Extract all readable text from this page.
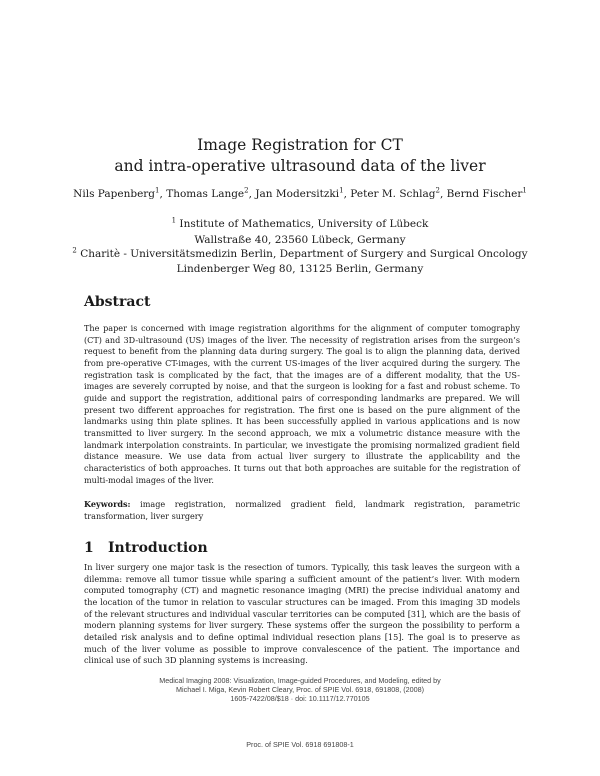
Image Registration for CT
and intra-operative ultrasound data of the liver
Nils Papenberg$^1$, Thomas Lange$^2$, Jan Modersitzki$^1$, Peter M. Schlag$^2$, Bernd Fischer$^1$
$^1$ Institute of Mathematics, University of Lübeck
Wallstraße 40, 23560 Lübeck, Germany
$^2$ Charitè - Universitätsmedizin Berlin, Department of Surgery and Surgical Oncology
Lindenberger Weg 80, 13125 Berlin, Germany
Abstract
The paper is concerned with image registration algorithms for the alignment of computer tomography (CT) and 3D-ultrasound (US) images of the liver. The necessity of registration arises from the surgeon’s request to benefit from the planning data during surgery. The goal is to align the planning data, derived from pre-operative CT-images, with the current US-images of the liver acquired during the surgery. The registration task is complicated by the fact, that the images are of a different modality, that the US-images are severely corrupted by noise, and that the surgeon is looking for a fast and robust scheme. To guide and support the registration, additional pairs of corresponding landmarks are prepared. We will present two different approaches for registration. The first one is based on the pure alignment of the landmarks using thin plate splines. It has been successfully applied in various applications and is now transmitted to liver surgery. In the second approach, we mix a volumetric distance measure with the landmark interpolation constraints. In particular, we investigate the promising normalized gradient field distance measure. We use data from actual liver surgery to illustrate the applicability and the characteristics of both approaches. It turns out that both approaches are suitable for the registration of multi-modal images of the liver.
Keywords: image registration, normalized gradient field, landmark registration, parametric transformation, liver surgery
1 Introduction
In liver surgery one major task is the resection of tumors. Typically, this task leaves the surgeon with a dilemma: remove all tumor tissue while sparing a sufficient amount of the patient’s liver. With modern computed tomography (CT) and magnetic resonance imaging (MRI) the precise individual anatomy and the location of the tumor in relation to vascular structures can be imaged. From this imaging 3D models of the relevant structures and individual vascular territories can be computed [31], which are the basis of modern planning systems for liver surgery. These systems offer the surgeon the possibility to perform a detailed risk analysis and to define optimal individual resection plans [15]. The goal is to preserve as much of the liver volume as possible to improve convalescence of the patient. The importance and clinical use of such 3D planning systems is increasing.
Medical Imaging 2008: Visualization, Image-guided Procedures, and Modeling, edited by
Michael I. Miga, Kevin Robert Cleary, Proc. of SPIE Vol. 6918, 691808, (2008)
1605-7422/08/$18 · doi: 10.1117/12.770105
Proc. of SPIE Vol. 6918 691808-1
